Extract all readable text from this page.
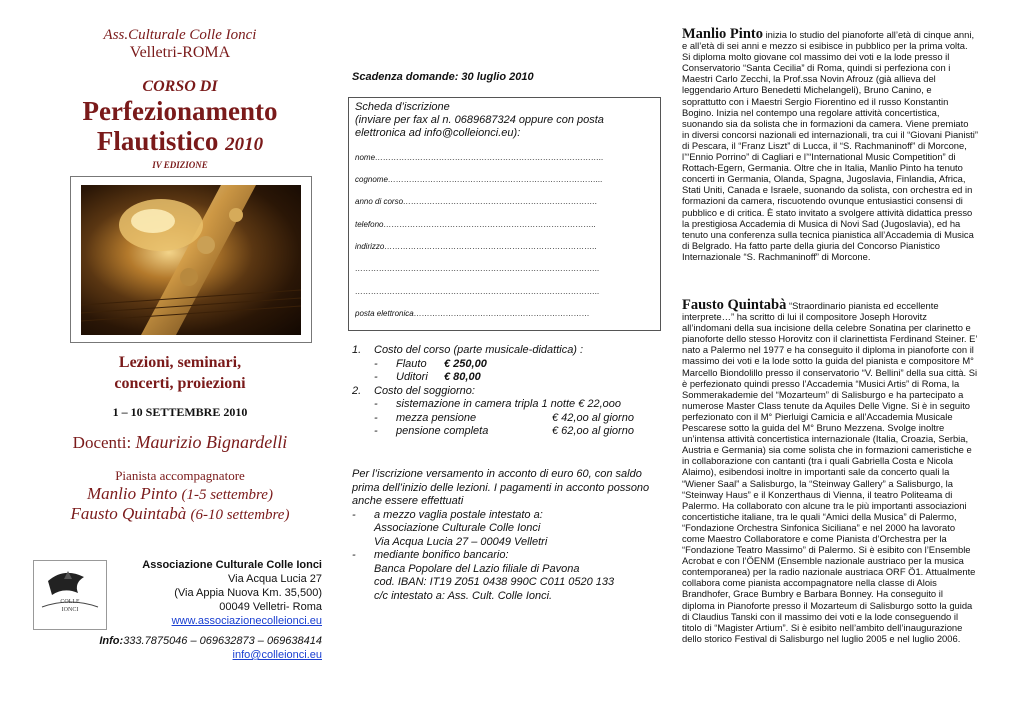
Ass.Culturale Colle Ionci
Velletri-ROMA
CORSO DI
Perfezionamento
Flautistico 2010
IV EDIZIONE
Lezioni, seminari,
concerti, proiezioni
1 – 10 SETTEMBRE 2010
Docenti: Maurizio Bignardelli
Pianista accompagnatore
Manlio Pinto (1-5 settembre)
Fausto Quintabà (6-10 settembre)
COLLE
IONCI
Associazione Culturale Colle Ionci
Via Acqua Lucia 27
(Via Appia Nuova Km. 35,500)
00049 Velletri- Roma
www.associazionecolleionci.eu
Info:333.7875046 – 069632873 – 069638414
info@colleionci.eu
Scadenza domande: 30 luglio 2010
Scheda d’iscrizione
(inviare per fax al n. 0689687324 oppure con posta
elettronica ad info@colleionci.eu):
nome…………………………………………………………………………..
cognome……………………………………………………………………...
anno di corso……………………………………………………………….
telefono……………………………………………………………………..
indirizzo……………………………………………………………………..
………………………………………………………………………………..
………………………………………………………………………………..
posta elettronica…………………………………………………………
1. Costo del corso (parte musicale-didattica) :
- Flauto € 250,00
- Uditori € 80,00
2. Costo del soggiorno:
- sistemazione in camera tripla 1 notte € 22,ooo
- mezza pensione	€ 42,oo al giorno
- pensione completa	€ 62,oo al giorno
Per l’iscrizione versamento in acconto di euro 60, con saldo prima dell’inizio delle lezioni. I pagamenti in acconto possono anche essere effettuati
- a mezzo vaglia postale intestato a:
Associazione Culturale Colle Ionci
Via Acqua Lucia 27 – 00049 Velletri
- mediante bonifico bancario:
Banca Popolare del Lazio filiale di Pavona
cod. IBAN: IT19 Z051 0438 990C C011 0520 133
c/c intestato a: Ass. Cult. Colle Ionci.
Manlio Pinto inizia lo studio del pianoforte all’età di cinque anni, e all’età di sei anni e mezzo si esibisce in pubblico per la prima volta. Si diploma molto giovane col massimo dei voti e la lode presso il Conservatorio “Santa Cecilia” di Roma, quindi si perfeziona con i Maestri Carlo Zecchi, la Prof.ssa Novin Afrouz (già allieva del leggendario Arturo Benedetti Michelangeli), Bruno Canino, e soprattutto con i Maestri Sergio Fiorentino ed il russo Konstantin Bogino. Inizia nel contempo una regolare attività concertistica, suonando sia da solista che in formazioni da camera. Viene premiato in diversi concorsi nazionali ed internazionali, tra cui il “Giovani Pianisti” di Pescara, il “Franz Liszt” di Lucca, il “S. Rachmaninoff” di Morcone, l’“Ennio Porrino” di Cagliari e l’“International Music Competition” di Rottach-Egern, Germania. Oltre che in Italia, Manlio Pinto ha tenuto concerti in Germania, Olanda, Spagna, Jugoslavia, Finlandia, Africa, Stati Uniti, Canada e Israele, suonando da solista, con orchestra ed in formazioni da camera, riscuotendo ovunque entusiastici consensi di pubblico e di critica. È stato invitato a svolgere attività didattica presso la prestigiosa Accademia di Musica di Novi Sad (Jugoslavia), ed ha tenuto una conferenza sulla tecnica pianistica all’Accademia di Musica di Belgrado. Ha fatto parte della giuria del Concorso Pianistico Internazionale “S. Rachmaninoff” di Morcone.
Fausto Quintabà “Straordinario pianista ed eccellente interprete…” ha scritto di lui il compositore Joseph Horovitz all’indomani della sua incisione della celebre Sonatina per clarinetto e pianoforte dello stesso Horovitz con il clarinettista Ferdinand Steiner. E’ nato a Palermo nel 1977 e ha conseguito il diploma in pianoforte con il massimo dei voti e la lode sotto la guida del pianista e compositore M° Marcello Biondolillo presso il conservatorio “V. Bellini” della sua città. Si è perfezionato quindi presso l’Accademia “Musici Artis” di Roma, la Sommerakademie del “Mozarteum” di Salisburgo e ha partecipato a numerose Master Class tenute da Aquiles Delle Vigne. Si è in seguito perfezionato con il M° Pierluigi Camicia e all’Accademia Musicale Pescarese sotto la guida del M° Bruno Mezzena. Svolge inoltre un’intensa attività concertistica internazionale (Italia, Croazia, Serbia, Austria e Germania) sia come solista che in formazioni cameristiche e in collaborazione con cantanti (tra i quali Gabriella Costa e Nicola Alaimo), esibendosi inoltre in importanti sale da concerto quali la “Wiener Saal” a Salisburgo, la “Steinway Gallery” a Salisburgo, la “Steinway Haus” e il Konzerthaus di Vienna, il teatro Politeama di Palermo. Ha collaborato con alcune tra le più importanti associazioni concertistiche italiane, tra le quali “Amici della Musica” di Palermo, “Fondazione Orchestra Sinfonica Siciliana” e nel 2000 ha lavorato come Maestro Collaboratore e come Pianista d’Orchestra per la “Fondazione Teatro Massimo” di Palermo. Si è esibito con l’Ensemble Acrobat e con l’ÖENM (Ensemble nazionale austriaco per la musica contemporanea) per la radio nazionale austriaca ORF Ö1. Attualmente collabora come pianista accompagnatore nella classe di Alois Brandhofer, Grace Bumbry e Barbara Bonney. Ha conseguito il diploma in Pianoforte presso il Mozarteum di Salisburgo sotto la guida di Claudius Tanski con il massimo dei voti e la lode conseguendo il titolo di “Magister Artium”. Si è esibito nell’ambito dell’inaugurazione dello storico Festival di Salisburgo nel luglio 2005 e nel luglio 2006.
